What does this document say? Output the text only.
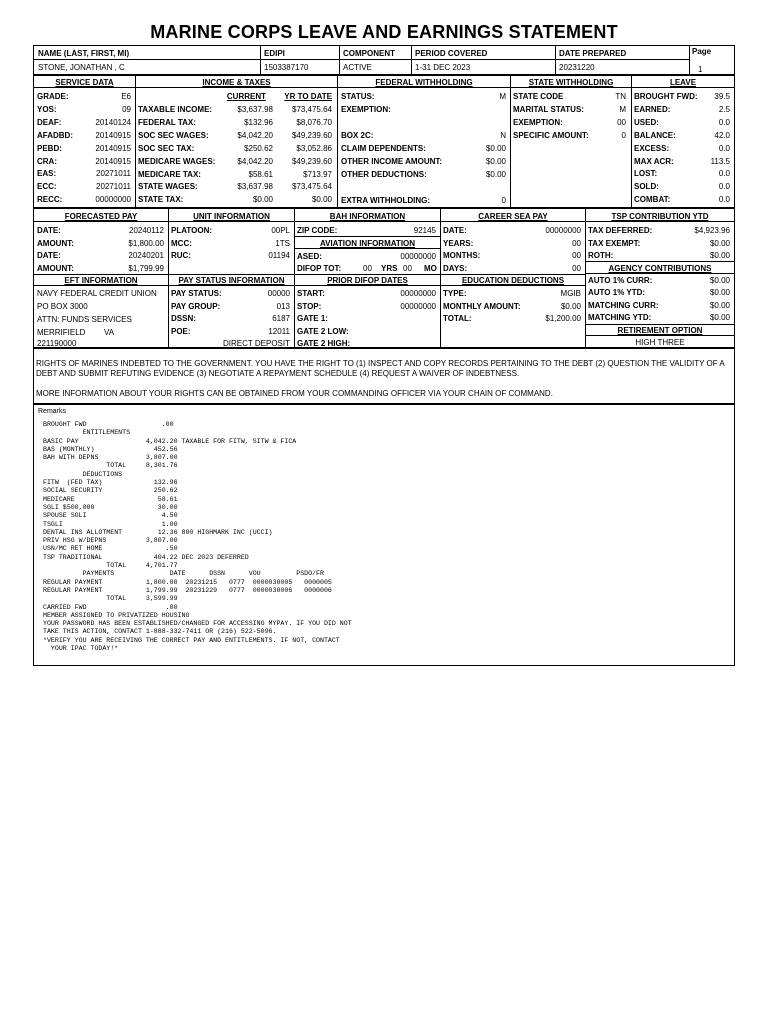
MARINE CORPS LEAVE AND EARNINGS STATEMENT
NAME (LAST, FIRST, MI)
STONE, JONATHAN , C
EDIPI
1503387170
COMPONENT
ACTIVE
PERIOD COVERED
1-31 DEC 2023
DATE PREPARED
20231220
Page
1
SERVICE DATA	INCOME & TAXES	FEDERAL WITHHOLDING	STATE WITHHOLDING	LEAVE
GRADE:	E6
YOS:	09
DEAF:	20140124
AFADBD:	20140915
PEBD:	20140915
CRA:	20140915
EAS:	20271011
ECC:	20271011
RECC:	00000000
CURRENT	YR TO DATE
TAXABLE INCOME:	$3,637.98	$73,475.64
FEDERAL TAX:	$132.96	$8,076.70
SOC SEC WAGES:	$4,042.20	$49,239.60
SOC SEC TAX:	$250.62	$3,052.86
MEDICARE WAGES:	$4,042.20	$49,239.60
MEDICARE TAX:	$58.61	$713.97
STATE WAGES:	$3,637.98	$73,475.64
STATE TAX:	$0.00	$0.00
STATUS:	M
EXEMPTION:
BOX 2C:	N
CLAIM DEPENDENTS:	$0.00
OTHER INCOME AMOUNT:	$0.00
OTHER DEDUCTIONS:	$0.00
EXTRA WITHHOLDING:	0
STATE CODE	TN
MARITAL STATUS:	M
EXEMPTION:	00
SPECIFIC AMOUNT:	0
BROUGHT FWD:	39.5
EARNED:	2.5
USED:	0.0
BALANCE:	42.0
EXCESS:	0.0
MAX ACR:	113.5
LOST:	0.0
SOLD:	0.0
COMBAT:	0.0
FORECASTED PAY	UNIT INFORMATION	BAH INFORMATION	CAREER SEA PAY	TSP CONTRIBUTION YTD
DATE:	20240112
AMOUNT:	$1,800.00
DATE:	20240201
AMOUNT:	$1,799.99
PLATOON:	00PL
MCC:	1TS
RUC:	01194
ZIP CODE:	92145
AVIATION INFORMATION
ASED:	00000000
DIFOP TOT:	00 YRS 00 MO
DATE:	00000000
YEARS:	00
MONTHS:	00
DAYS:	00
TAX DEFERRED:	$4,923.96
TAX EXEMPT:	$0.00
ROTH:	$0.00
AGENCY CONTRIBUTIONS
AUTO 1% CURR:	$0.00
AUTO 1% YTD:	$0.00
MATCHING CURR:	$0.00
MATCHING YTD:	$0.00
RETIREMENT OPTION
HIGH THREE
EFT INFORMATION	PAY STATUS INFORMATION	PRIOR DIFOP DATES	EDUCATION DEDUCTIONS
NAVY FEDERAL CREDIT UNION
PO BOX 3000
ATTN: FUNDS SERVICES
MERRIFIELD VA
221190000
PAY STATUS:	00000
PAY GROUP:	013
DSSN:	6187
POE:	12011
DIRECT DEPOSIT
START:	00000000
STOP:	00000000
GATE 1:
GATE 2 LOW:
GATE 2 HIGH:
TYPE:	MGIB
MONTHLY AMOUNT:	$0.00
TOTAL:	$1,200.00
RIGHTS OF MARINES INDEBTED TO THE GOVERNMENT. YOU HAVE THE RIGHT TO (1) INSPECT AND COPY RECORDS PERTAINING TO THE DEBT (2) QUESTION THE VALIDITY OF A DEBT AND SUBMIT REFUTING EVIDENCE (3) NEGOTIATE A REPAYMENT SCHEDULE (4) REQUEST A WAIVER OF INDEBTNESS.
MORE INFORMATION ABOUT YOUR RIGHTS CAN BE OBTAINED FROM YOUR COMMANDING OFFICER VIA YOUR CHAIN OF COMMAND.
Remarks
BROUGHT FWD                   .00
ENTITLEMENTS
BASIC PAY                 4,042.20 TAXABLE FOR FITW, SITW & FICA
BAS (MONTHLY)               452.56
BAH WITH DEPNS            3,807.00
TOTAL     8,301.76
DEDUCTIONS
FITW  (FED TAX)             132.96
SOCIAL SECURITY             250.62
MEDICARE                     58.61
SGLI $500,000                30.00
SPOUSE SGLI                   4.50
TSGLI                         1.00
DENTAL INS ALLOTMENT         12.36 800 HIGHMARK INC (UCCI)
PRIV HSG W/DEPNS          3,807.00
USN/MC RET HOME                .50
TSP TRADITIONAL             404.22 DEC 2023 DEFERRED
TOTAL     4,701.77
PAYMENTS              DATE      DSSN      VOU         PSDO/FR
REGULAR PAYMENT           1,800.00  20231215   0777  0000030005   0000005
REGULAR PAYMENT           1,799.99  20231229   0777  0000030006   0000006
TOTAL     3,599.99
CARRIED FWD                    .00
MEMBER ASSIGNED TO PRIVATIZED HOUSING
YOUR PASSWORD HAS BEEN ESTABLISHED/CHANGED FOR ACCESSING MYPAY. IF YOU DID NOT
TAKE THIS ACTION, CONTACT 1-888-332-7411 OR (216) 522-5096.
*VERIFY YOU ARE RECEIVING THE CORRECT PAY AND ENTITLEMENTS. IF NOT, CONTACT
YOUR IPAC TODAY!*
